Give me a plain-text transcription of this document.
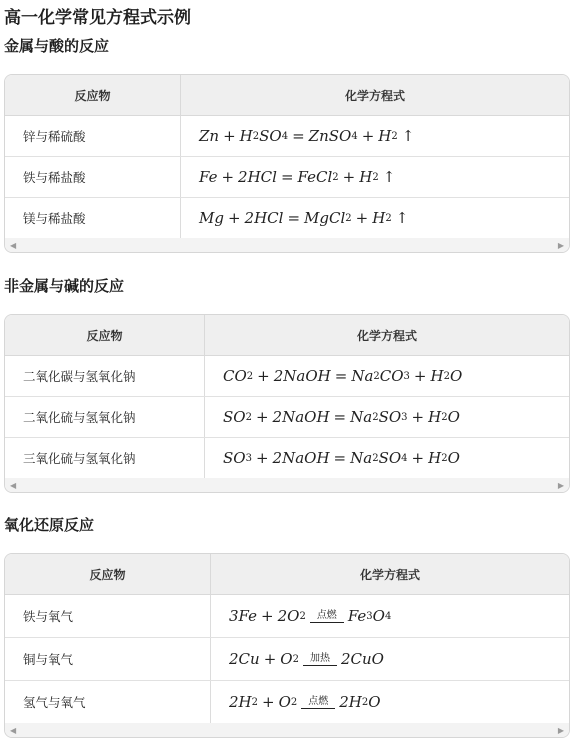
高一化学常见方程式示例
金属与酸的反应
反应物	化学方程式
锌与稀硫酸	Zn + H 2 SO 4 = ZnSO 4 + H 2 ↑
铁与稀盐酸	Fe + 2HCl = FeCl 2 + H 2 ↑
镁与稀盐酸	Mg + 2HCl = MgCl 2 + H 2 ↑
◀	▶
非金属与碱的反应
反应物	化学方程式
二氧化碳与氢氧化钠	CO 2 + 2NaOH = Na 2 CO 3 + H 2 O
二氧化硫与氢氧化钠	SO 2 + 2NaOH = Na 2 SO 3 + H 2 O
三氧化硫与氢氧化钠	SO 3 + 2NaOH = Na 2 SO 4 + H 2 O
◀	▶
氧化还原反应
反应物	化学方程式
铁与氧气	3Fe + 2O 2 点燃 Fe 3 O 4
铜与氧气	2Cu + O 2 加热 2CuO
氢气与氧气	2H 2 + O 2 点燃 2H 2 O
◀	▶
